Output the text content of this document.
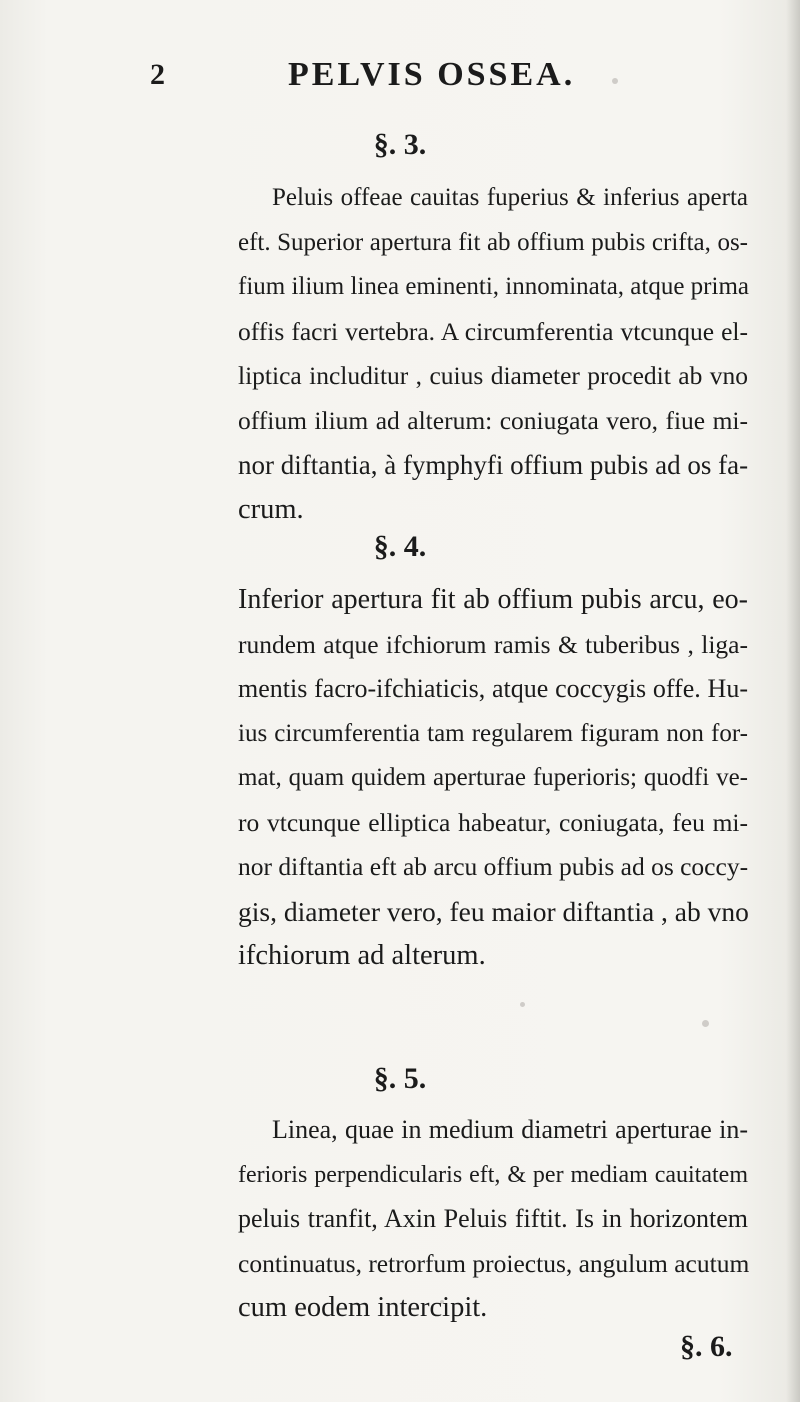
2	PELVIS OSSEA.
§. 3.
Peluis offeae cauitas fuperius & inferius aperta
eft. Superior apertura fit ab offium pubis crifta, os-
fium ilium linea eminenti, innominata, atque prima
offis facri vertebra. A circumferentia vtcunque el-
liptica includitur , cuius diameter procedit ab vno
offium ilium ad alterum: coniugata vero, fiue mi-
nor diftantia, à fymphyfi offium pubis ad os fa-
crum.
§. 4.
Inferior apertura fit ab offium pubis arcu, eo-
rundem atque ifchiorum ramis & tuberibus , liga-
mentis facro-ifchiaticis, atque coccygis offe. Hu-
ius circumferentia tam regularem figuram non for-
mat, quam quidem aperturae fuperioris; quodfi ve-
ro vtcunque elliptica habeatur, coniugata, feu mi-
nor diftantia eft ab arcu offium pubis ad os coccy-
gis, diameter vero, feu maior diftantia , ab vno
ifchiorum ad alterum.
§. 5.
Linea, quae in medium diametri aperturae in-
ferioris perpendicularis eft, & per mediam cauitatem
peluis tranfit, Axin Peluis fiftit. Is in horizontem
continuatus, retrorfum proiectus, angulum acutum
cum eodem intercipit.
§. 6.
